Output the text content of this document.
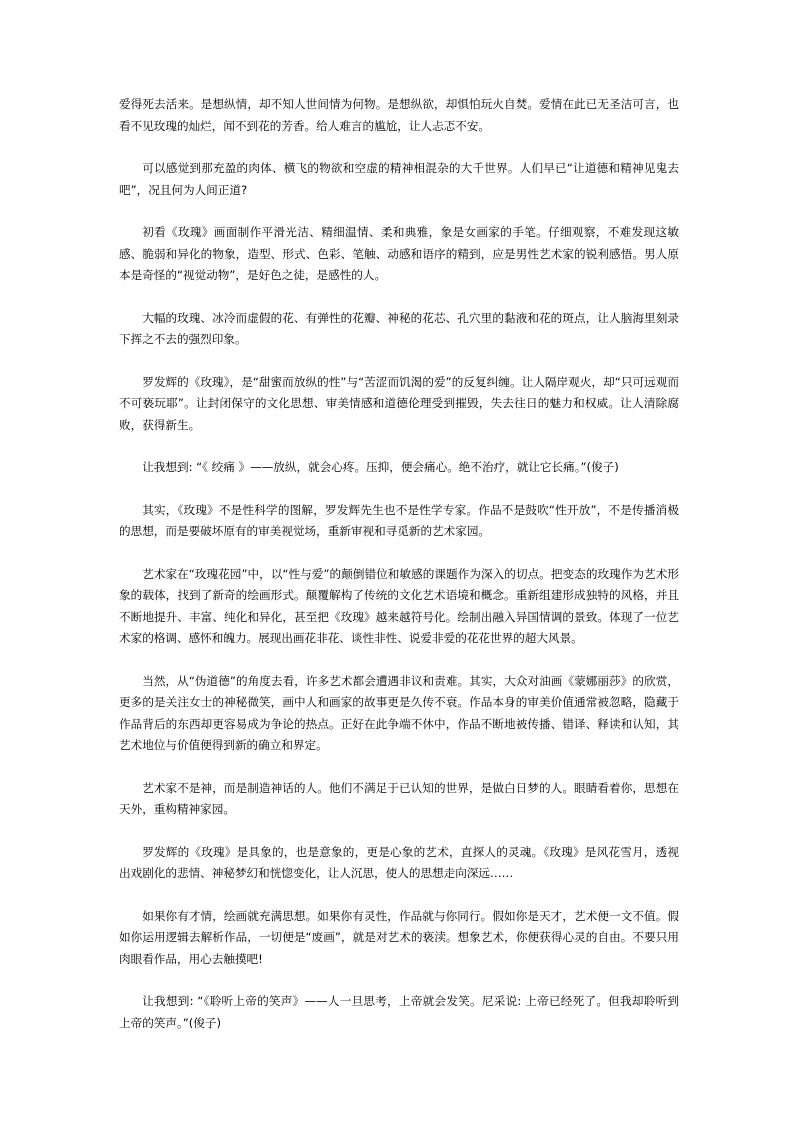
爱得死去活来。是想纵情，却不知人世间情为何物。是想纵欲，却惧怕玩火自焚。爱情在此已无圣洁可言，也看不见玫瑰的灿烂，闻不到花的芳香。给人难言的尴尬，让人忐忑不安。

可以感觉到那充盈的肉体、横飞的物欲和空虚的精神相混杂的大千世界。人们早已“让道德和精神见鬼去吧”，况且何为人间正道?

初看《玫瑰》画面制作平滑光洁、精细温情、柔和典雅，象是女画家的手笔。仔细观察，不难发现这敏感、脆弱和异化的物象，造型、形式、色彩、笔触、动感和语序的精到，应是男性艺术家的锐利感悟。男人原本是奇怪的“视觉动物”，是好色之徒，是感性的人。

大幅的玫瑰、冰冷而虚假的花、有弹性的花瓣、神秘的花芯、孔穴里的黏液和花的斑点，让人脑海里刻录下挥之不去的强烈印象。

罗发辉的《玫瑰》，是“甜蜜而放纵的性”与“苦涩而饥渴的爱”的反复纠缠。让人隔岸观火，却“只可远观而不可亵玩耶”。让封闭保守的文化思想、审美情感和道德伦理受到摧毁，失去往日的魅力和权威。让人清除腐败，获得新生。

让我想到: “《 绞痛 》——放纵，就会心疼。压抑，便会痛心。绝不治疗，就让它长痛。”(俊子)

其实，《玫瑰》不是性科学的图解，罗发辉先生也不是性学专家。作品不是鼓吹“性开放”，不是传播消极的思想，而是要破坏原有的审美视觉场，重新审视和寻觅新的艺术家园。

艺术家在“玫瑰花园”中，以“性与爱”的颠倒错位和敏感的课题作为深入的切点。把变态的玫瑰作为艺术形象的载体，找到了新奇的绘画形式。颠覆解构了传统的文化艺术语境和概念。重新组建形成独特的风格，并且不断地提升、丰富、纯化和异化，甚至把《玫瑰》越来越符号化。绘制出融入异国情调的景致。体现了一位艺术家的格调、感怀和魄力。展现出画花非花、谈性非性、说爱非爱的花花世界的超大风景。

当然，从“伪道德”的角度去看，许多艺术都会遭遇非议和责难。其实，大众对油画《蒙娜丽莎》的欣赏，更多的是关注女士的神秘微笑，画中人和画家的故事更是久传不衰。作品本身的审美价值通常被忽略，隐藏于作品背后的东西却更容易成为争论的热点。正好在此争端不休中，作品不断地被传播、错译、释读和认知，其艺术地位与价值便得到新的确立和界定。

艺术家不是神，而是制造神话的人。他们不满足于已认知的世界，是做白日梦的人。眼睛看着你，思想在天外，重构精神家园。

罗发辉的《玫瑰》是具象的，也是意象的，更是心象的艺术，直探人的灵魂。《玫瑰》是风花雪月，透视出戏剧化的悲情、神秘梦幻和恍惚变化，让人沉思，使人的思想走向深远……

如果你有才情，绘画就充满思想。如果你有灵性，作品就与你同行。假如你是天才，艺术便一文不值。假如你运用逻辑去解析作品，一切便是“废画”，就是对艺术的亵渎。想象艺术，你便获得心灵的自由。不要只用肉眼看作品，用心去触摸吧!

让我想到: “《聆听上帝的笑声》——人一旦思考，上帝就会发笑。尼采说: 上帝已经死了。但我却聆听到上帝的笑声。”(俊子)
